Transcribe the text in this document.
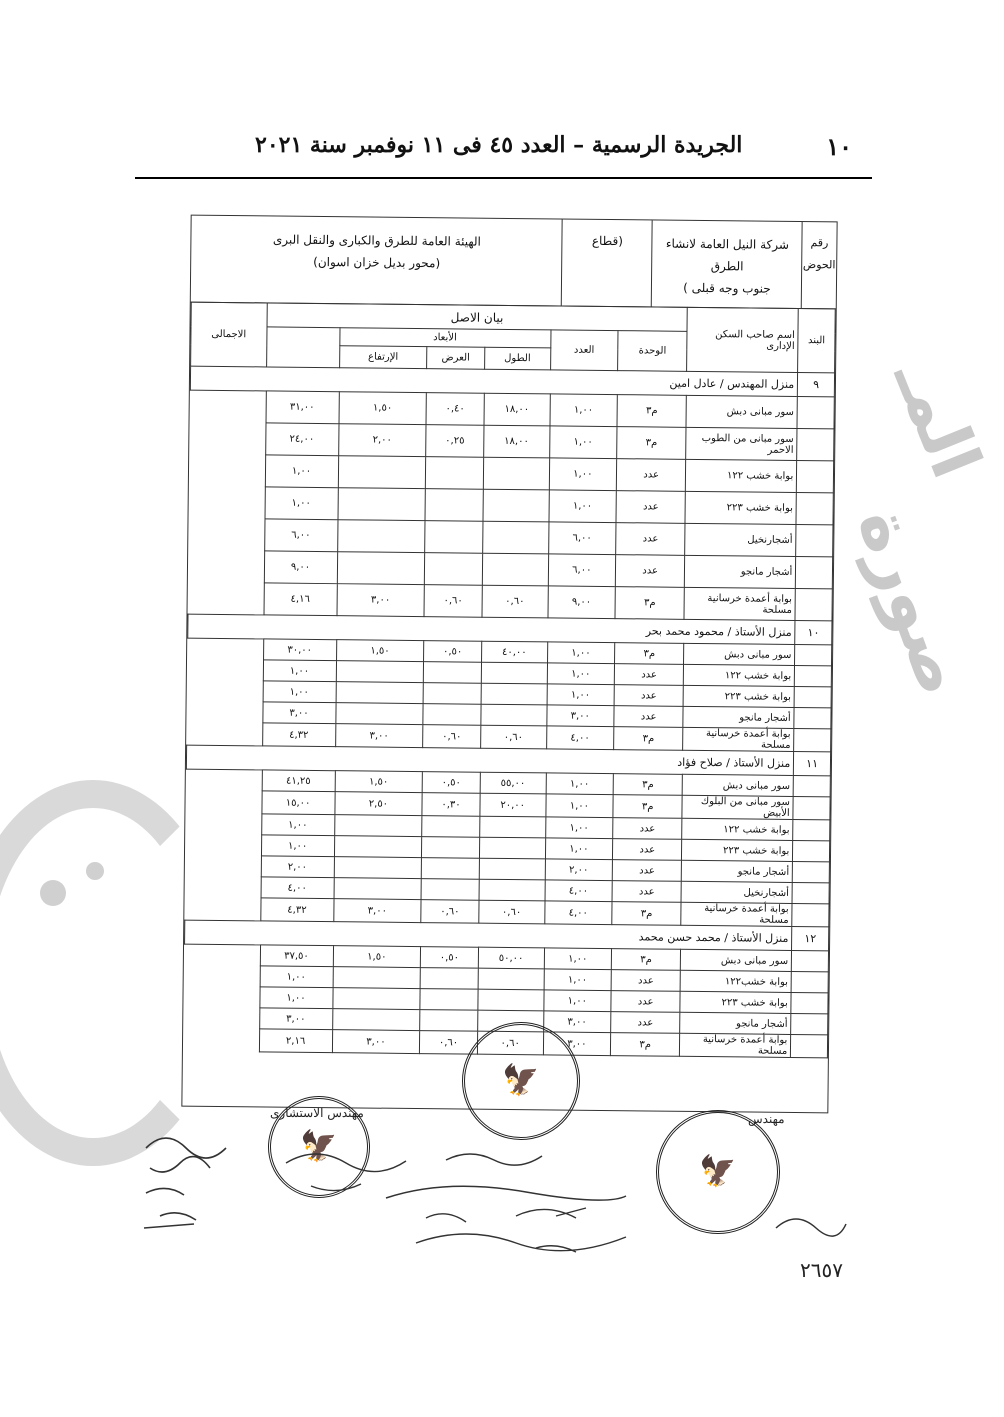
١٠
الجريدة الرسمية – العدد ٤٥ فى ١١ نوفمبر سنة ٢٠٢١
المـ
صورة
رقم الحوض
شركة النيل العامة لانشاء الطرق
جنوب وجه قبلى )
(قطاع
الهيئة العامة للطرق والكبارى والنقل البرى
(محور بديل خزان اسوان)
البند	اسم صاحب السكن الإدارى	بيان الاصل						الاجمالى
		الوحدة	العدد	الأبعاد			
				الطول	العرض	الإرتفاع		
٩	منزل المهندس / عادل امين							
	سور مبانى دبش	م٣	١,٠٠	١٨,٠٠	٠,٤٠	١,٥٠	٣١,٠٠	
	سور مبانى من الطوب الاحمر	م٣	١,٠٠	١٨,٠٠	٠,٢٥	٢,٠٠	٢٤,٠٠	
	بوابة خشب ١٢٢	عدد	١,٠٠				١,٠٠	
	بوابة خشب ٢٢٣	عدد	١,٠٠				١,٠٠	
	أشجارنخيل	عدد	٦,٠٠				٦,٠٠	
	أشجار مانجو	عدد	٦,٠٠				٩,٠٠	
	بوابة أعمدة خرسانية مسلحة	م٣	٩,٠٠	٠,٦٠	٠,٦٠	٣,٠٠	٤,١٦	
١٠	منزل الأستاذ / محمود محمد بحر							
	سور مبانى دبش	م٣	١,٠٠	٤٠,٠٠	٠,٥٠	١,٥٠	٣٠,٠٠	
	بوابة خشب ١٢٢	عدد	١,٠٠				١,٠٠	
	بوابة خشب ٢٢٣	عدد	١,٠٠				١,٠٠	
	أشجار مانجو	عدد	٣,٠٠				٣,٠٠	
	بوابة أعمدة خرسانية مسلحة	م٣	٤,٠٠	٠,٦٠	٠,٦٠	٣,٠٠	٤,٣٢	
١١	منزل الأستاذ / صلاح فؤاد							
	سور مبانى دبش	م٣	١,٠٠	٥٥,٠٠	٠,٥٠	١,٥٠	٤١,٢٥	
	سور مبانى من البلوك الأبيض	م٣	١,٠٠	٢٠,٠٠	٠,٣٠	٢,٥٠	١٥,٠٠	
	بوابة خشب ١٢٢	عدد	١,٠٠				١,٠٠	
	بوابة خشب ٢٢٣	عدد	١,٠٠				١,٠٠	
	أشجار مانجو	عدد	٢,٠٠				٢,٠٠	
	أشجارنخيل	عدد	٤,٠٠				٤,٠٠	
	بوابة أعمدة خرسانية مسلحة	م٣	٤,٠٠	٠,٦٠	٠,٦٠	٣,٠٠	٤,٣٢	
١٢	منزل الأستاذ / محمد حسن محمد							
	سور مبانى دبش	م٣	١,٠٠	٥٠,٠٠	٠,٥٠	١,٥٠	٣٧,٥٠	
	بوابة خشب١٢٢	عدد	١,٠٠				١,٠٠	
	بوابة خشب ٢٢٣	عدد	١,٠٠				١,٠٠	
	أشجار مانجو	عدد	٣,٠٠				٣,٠٠	
	بوابة أعمدة خرسانية مسلحة	م٣	٣,٠٠	٠,٦٠	٠,٦٠	٣,٠٠	٢,١٦	
🦅
🦅
🦅
مهندس الاستشارى	مهندس
٢٦٥٧
